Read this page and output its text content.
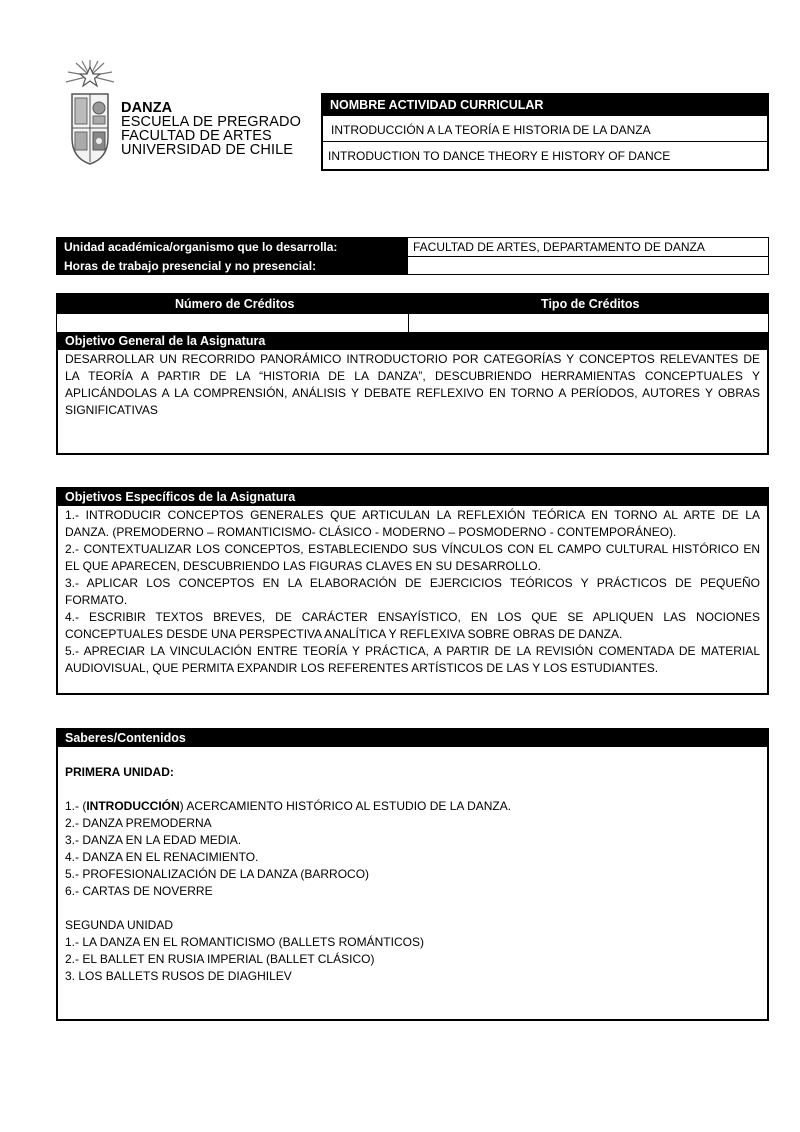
DANZA
ESCUELA DE PREGRADO
FACULTAD DE ARTES
UNIVERSIDAD DE CHILE
NOMBRE ACTIVIDAD CURRICULAR
INTRODUCCIÓN A LA TEORÍA E HISTORIA DE LA DANZA
INTRODUCTION TO DANCE THEORY E HISTORY OF DANCE
Unidad académica/organismo que lo desarrolla:	FACULTAD DE ARTES, DEPARTAMENTO DE DANZA
Horas de trabajo presencial y no presencial:
Número de Créditos	Tipo de Créditos
Objetivo General de la Asignatura
DESARROLLAR UN RECORRIDO PANORÁMICO INTRODUCTORIO POR CATEGORÍAS Y CONCEPTOS RELEVANTES DE LA TEORÍA A PARTIR DE LA “HISTORIA DE LA DANZA”, DESCUBRIENDO HERRAMIENTAS CONCEPTUALES Y APLICÁNDOLAS A LA COMPRENSIÓN, ANÁLISIS Y DEBATE REFLEXIVO EN TORNO A PERÍODOS, AUTORES Y OBRAS SIGNIFICATIVAS
Objetivos Específicos de la Asignatura

1.- INTRODUCIR CONCEPTOS GENERALES QUE ARTICULAN LA REFLEXIÓN TEÓRICA EN TORNO AL ARTE DE LA DANZA. (PREMODERNO – ROMANTICISMO- CLÁSICO - MODERNO – POSMODERNO - CONTEMPORÁNEO).

2.- CONTEXTUALIZAR LOS CONCEPTOS, ESTABLECIENDO SUS VÍNCULOS CON EL CAMPO CULTURAL HISTÓRICO EN EL QUE APARECEN, DESCUBRIENDO LAS FIGURAS CLAVES EN SU DESARROLLO.

3.- APLICAR LOS CONCEPTOS EN LA ELABORACIÓN DE EJERCICIOS TEÓRICOS Y PRÁCTICOS DE PEQUEÑO FORMATO.

4.- ESCRIBIR TEXTOS BREVES, DE CARÁCTER ENSAYÍSTICO, EN LOS QUE SE APLIQUEN LAS NOCIONES CONCEPTUALES DESDE UNA PERSPECTIVA ANALÍTICA Y REFLEXIVA SOBRE OBRAS DE DANZA.

5.- APRECIAR LA VINCULACIÓN ENTRE TEORÍA Y PRÁCTICA, A PARTIR DE LA REVISIÓN COMENTADA DE MATERIAL AUDIOVISUAL, QUE PERMITA EXPANDIR LOS REFERENTES ARTÍSTICOS DE LAS Y LOS ESTUDIANTES.

Saberes/Contenidos

PRIMERA UNIDAD:

1.- (INTRODUCCIÓN) ACERCAMIENTO HISTÓRICO AL ESTUDIO DE LA DANZA.

2.- DANZA PREMODERNA

3.- DANZA EN LA EDAD MEDIA.

4.- DANZA EN EL RENACIMIENTO.

5.- PROFESIONALIZACIÓN DE LA DANZA (BARROCO)

6.- CARTAS DE NOVERRE

SEGUNDA UNIDAD

1.- LA DANZA EN EL ROMANTICISMO (BALLETS ROMÁNTICOS)

2.- EL BALLET EN RUSIA IMPERIAL (BALLET CLÁSICO)

3. LOS BALLETS RUSOS DE DIAGHILEV
